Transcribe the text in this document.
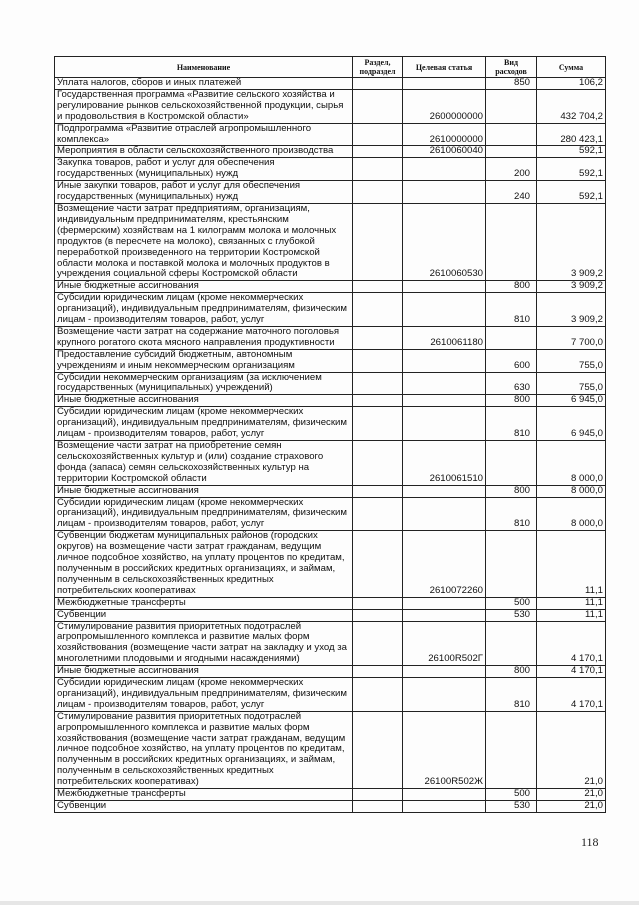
Наименование	Раздел, подраздел	Целевая статья	Вид расходов	Сумма
Уплата налогов, сборов и иных платежей			850	106,2
Государственная программа «Развитие сельского хозяйства и регулирование рынков сельскохозяйственной продукции, сырья и продовольствия в Костромской области»		2600000000		432 704,2
Подпрограмма «Развитие отраслей агропромышленного комплекса»		2610000000		280 423,1
Мероприятия в области сельскохозяйственного производства		2610060040		592,1
Закупка товаров, работ и услуг для обеспечения государственных (муниципальных) нужд			200	592,1
Иные закупки товаров, работ и услуг для обеспечения государственных (муниципальных) нужд			240	592,1
Возмещение части затрат предприятиям, организациям, индивидуальным предпринимателям, крестьянским (фермерским) хозяйствам на 1 килограмм молока и молочных продуктов (в пересчете на молоко), связанных с глубокой переработкой произведенного на территории Костромской области молока и поставкой молока и молочных продуктов в учреждения социальной сферы Костромской области		2610060530		3 909,2
Иные бюджетные ассигнования			800	3 909,2
Субсидии юридическим лицам (кроме некоммерческих организаций), индивидуальным предпринимателям, физическим лицам - производителям товаров, работ, услуг			810	3 909,2
Возмещение части затрат на содержание маточного поголовья крупного рогатого скота мясного направления продуктивности		2610061180		7 700,0
Предоставление субсидий бюджетным, автономным учреждениям и иным некоммерческим организациям			600	755,0
Субсидии некоммерческим организациям (за исключением государственных (муниципальных) учреждений)			630	755,0
Иные бюджетные ассигнования			800	6 945,0
Субсидии юридическим лицам (кроме некоммерческих организаций), индивидуальным предпринимателям, физическим лицам - производителям товаров, работ, услуг			810	6 945,0
Возмещение части затрат на приобретение семян сельскохозяйственных культур и (или) создание страхового фонда (запаса) семян сельскохозяйственных культур на территории Костромской области		2610061510		8 000,0
Иные бюджетные ассигнования			800	8 000,0
Субсидии юридическим лицам (кроме некоммерческих организаций), индивидуальным предпринимателям, физическим лицам - производителям товаров, работ, услуг			810	8 000,0
Субвенции бюджетам муниципальных районов (городских округов) на возмещение части затрат гражданам, ведущим личное подсобное хозяйство, на уплату процентов по кредитам, полученным в российских кредитных организациях, и займам, полученным в сельскохозяйственных кредитных потребительских кооперативах		2610072260		11,1
Межбюджетные трансферты			500	11,1
Субвенции			530	11,1
Стимулирование развития приоритетных подотраслей агропромышленного комплекса и развитие малых форм хозяйствования (возмещение части затрат на закладку и уход за многолетними плодовыми и ягодными насаждениями)		26100R502Г		4 170,1
Иные бюджетные ассигнования			800	4 170,1
Субсидии юридическим лицам (кроме некоммерческих организаций), индивидуальным предпринимателям, физическим лицам - производителям товаров, работ, услуг			810	4 170,1
Стимулирование развития приоритетных подотраслей агропромышленного комплекса и развитие малых форм хозяйствования (возмещение части затрат гражданам, ведущим личное подсобное хозяйство, на уплату процентов по кредитам, полученным в российских кредитных организациях, и займам, полученным в сельскохозяйственных кредитных потребительских кооперативах)		26100R502Ж		21,0
Межбюджетные трансферты			500	21,0
Субвенции			530	21,0
118
